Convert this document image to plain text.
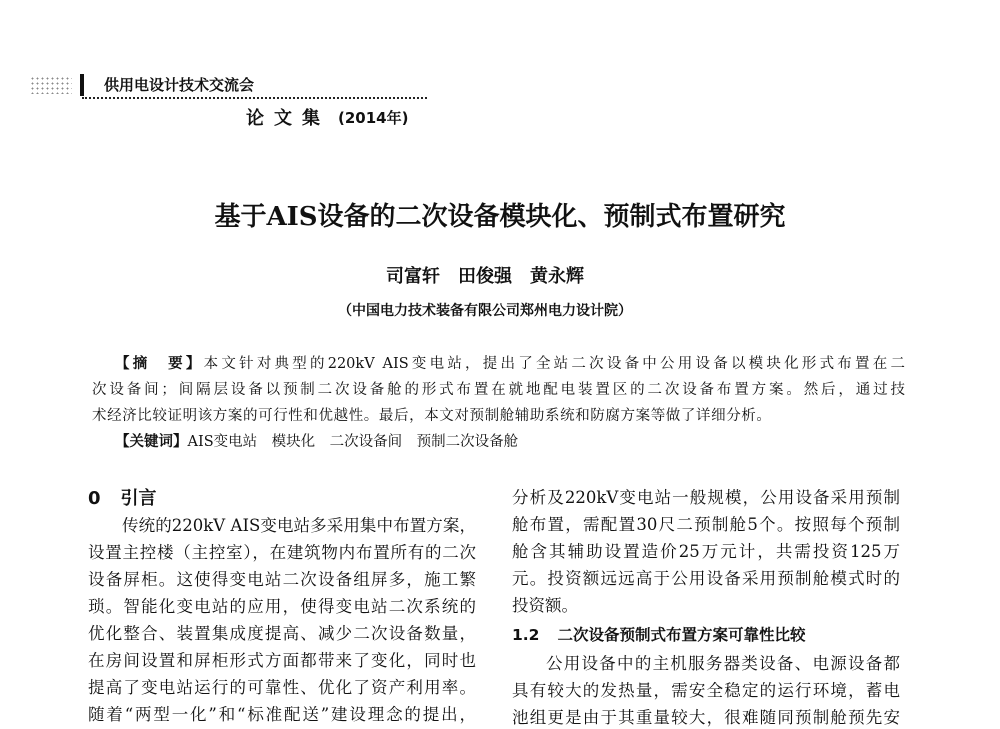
供用电设计技术交流会
论文集 (2014年)
基于AIS设备的二次设备模块化、预制式布置研究
司富轩　田俊强　黄永辉
（中国电力技术装备有限公司郑州电力设计院）
【摘　要】本文针对典型的220kV AIS变电站，提出了全站二次设备中公用设备以模块化形式布置在二
次设备间；间隔层设备以预制二次设备舱的形式布置在就地配电装置区的二次设备布置方案。然后，通过技
术经济比较证明该方案的可行性和优越性。最后，本文对预制舱辅助系统和防腐方案等做了详细分析。
【关键词】AIS变电站　模块化　二次设备间　预制二次设备舱
0 引言
传统的220kV AIS变电站多采用集中布置方案，
设置主控楼（主控室），在建筑物内布置所有的二次
设备屏柜。这使得变电站二次设备组屏多，施工繁
琐。智能化变电站的应用，使得变电站二次系统的
优化整合、装置集成度提高、减少二次设备数量，
在房间设置和屏柜形式方面都带来了变化，同时也
提高了变电站运行的可靠性、优化了资产利用率。
随着“两型一化”和“标准配送”建设理念的提出，
分析及220kV变电站一般规模，公用设备采用预制
舱布置，需配置30尺二预制舱5个。按照每个预制
舱含其辅助设置造价25万元计，共需投资125万
元。投资额远远高于公用设备采用预制舱模式时的
投资额。
1.2 二次设备预制式布置方案可靠性比较
公用设备中的主机服务器类设备、电源设备都
具有较大的发热量，需安全稳定的运行环境，蓄电
池组更是由于其重量较大，很难随同预制舱预先安
